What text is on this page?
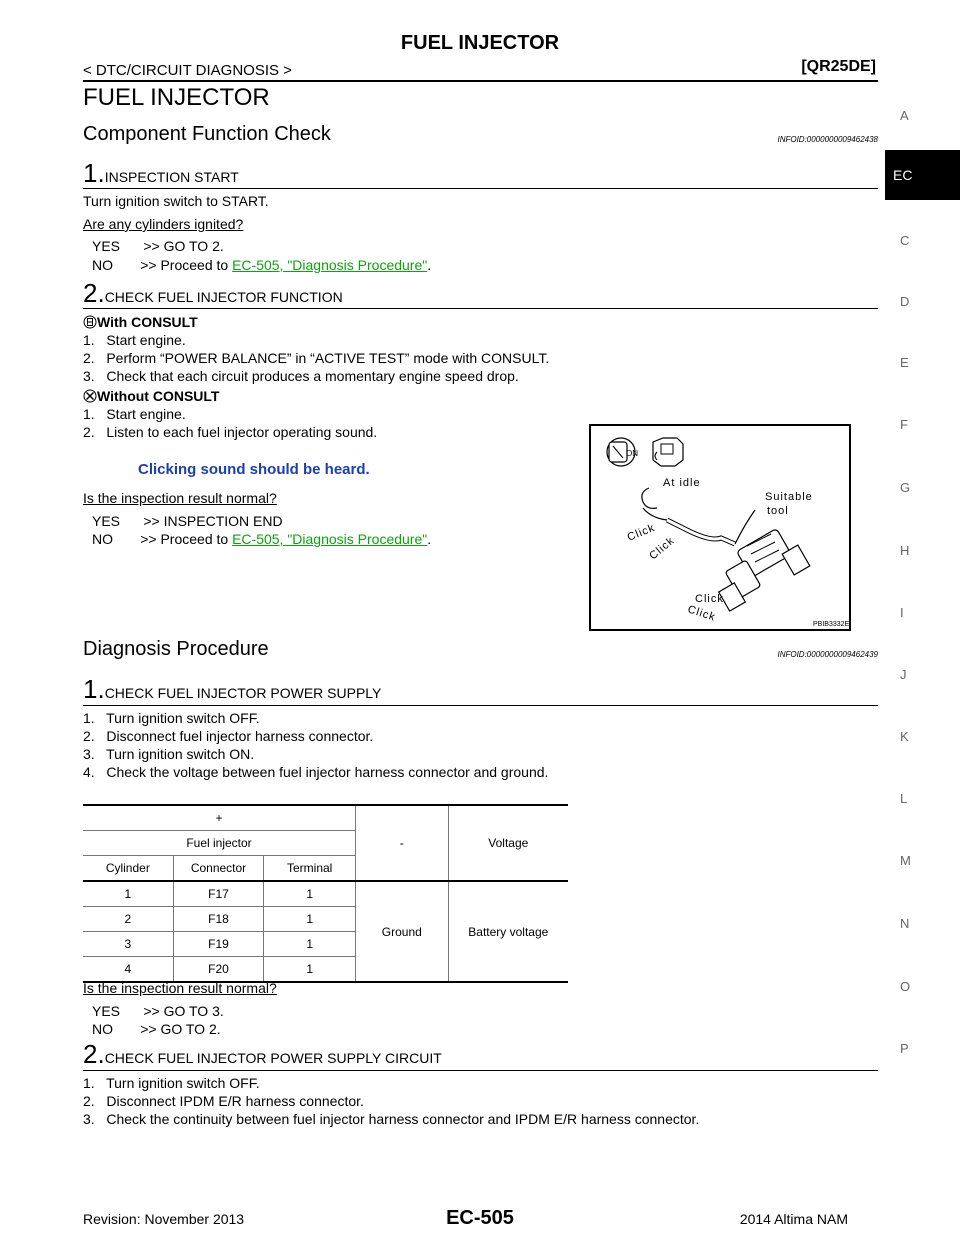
FUEL INJECTOR
< DTC/CIRCUIT DIAGNOSIS >	[QR25DE]
FUEL INJECTOR
Component Function Check	INFOID:0000000009462438
1.INSPECTION START
Turn ignition switch to START.
Are any cylinders ignited?
YES      >> GO TO 2.
NO       >> Proceed to EC-505, "Diagnosis Procedure".
2.CHECK FUEL INJECTOR FUNCTION
With CONSULT
1.   Start engine.
2.   Perform “POWER BALANCE” in “ACTIVE TEST” mode with CONSULT.
3.   Check that each circuit produces a momentary engine speed drop.
Without CONSULT
1.   Start engine.
2.   Listen to each fuel injector operating sound.
Clicking sound should be heard.
Is the inspection result normal?
YES      >> INSPECTION END
NO       >> Proceed to EC-505, "Diagnosis Procedure".
ON
At idle
Suitable
tool
Click
Click
Click
Click
PBIB3332E
Diagnosis Procedure	INFOID:0000000009462439
1.CHECK FUEL INJECTOR POWER SUPPLY
1.   Turn ignition switch OFF.
2.   Disconnect fuel injector harness connector.
3.   Turn ignition switch ON.
4.   Check the voltage between fuel injector harness connector and ground.
+			-	Voltage
Fuel injector				
Cylinder	Connector	Terminal		
1	F17	1	Ground	Battery voltage
2	F18	1		
3	F19	1		
4	F20	1		
Is the inspection result normal?
YES      >> GO TO 3.
NO       >> GO TO 2.
2.CHECK FUEL INJECTOR POWER SUPPLY CIRCUIT
1.   Turn ignition switch OFF.
2.   Disconnect IPDM E/R harness connector.
3.   Check the continuity between fuel injector harness connector and IPDM E/R harness connector.
EC
A
C
D
E
F
G
H
I
J
K
L
M
N
O
P
Revision: November 2013	EC-505	2014 Altima NAM
